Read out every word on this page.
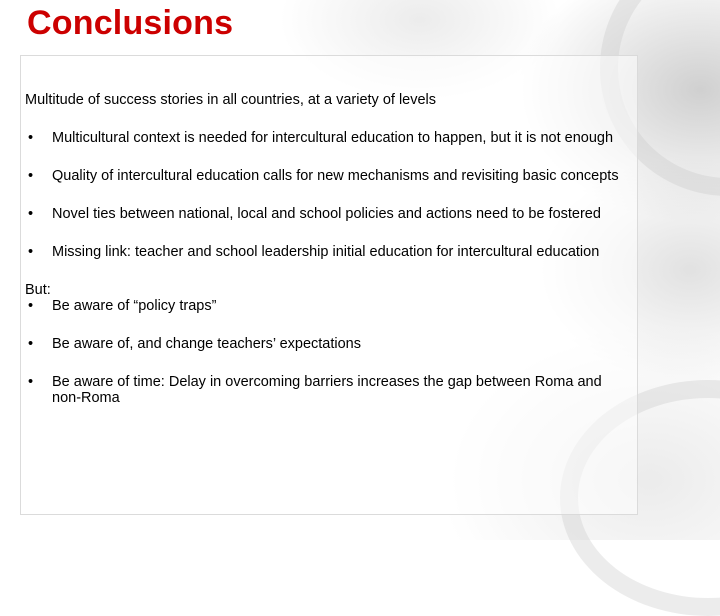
Conclusions

Multitude of success stories in all countries, at a variety of levels

• Multicultural context is needed for intercultural education to happen, but it is not enough
• Quality of intercultural education calls for new mechanisms and revisiting basic concepts
• Novel ties between national, local and school policies and actions need to be fostered
• Missing link: teacher and school leadership initial education for intercultural education

But:

• Be aware of “policy traps”
• Be aware of, and change teachers’ expectations
• Be aware of time: Delay in overcoming barriers increases the gap between Roma and non-Roma
